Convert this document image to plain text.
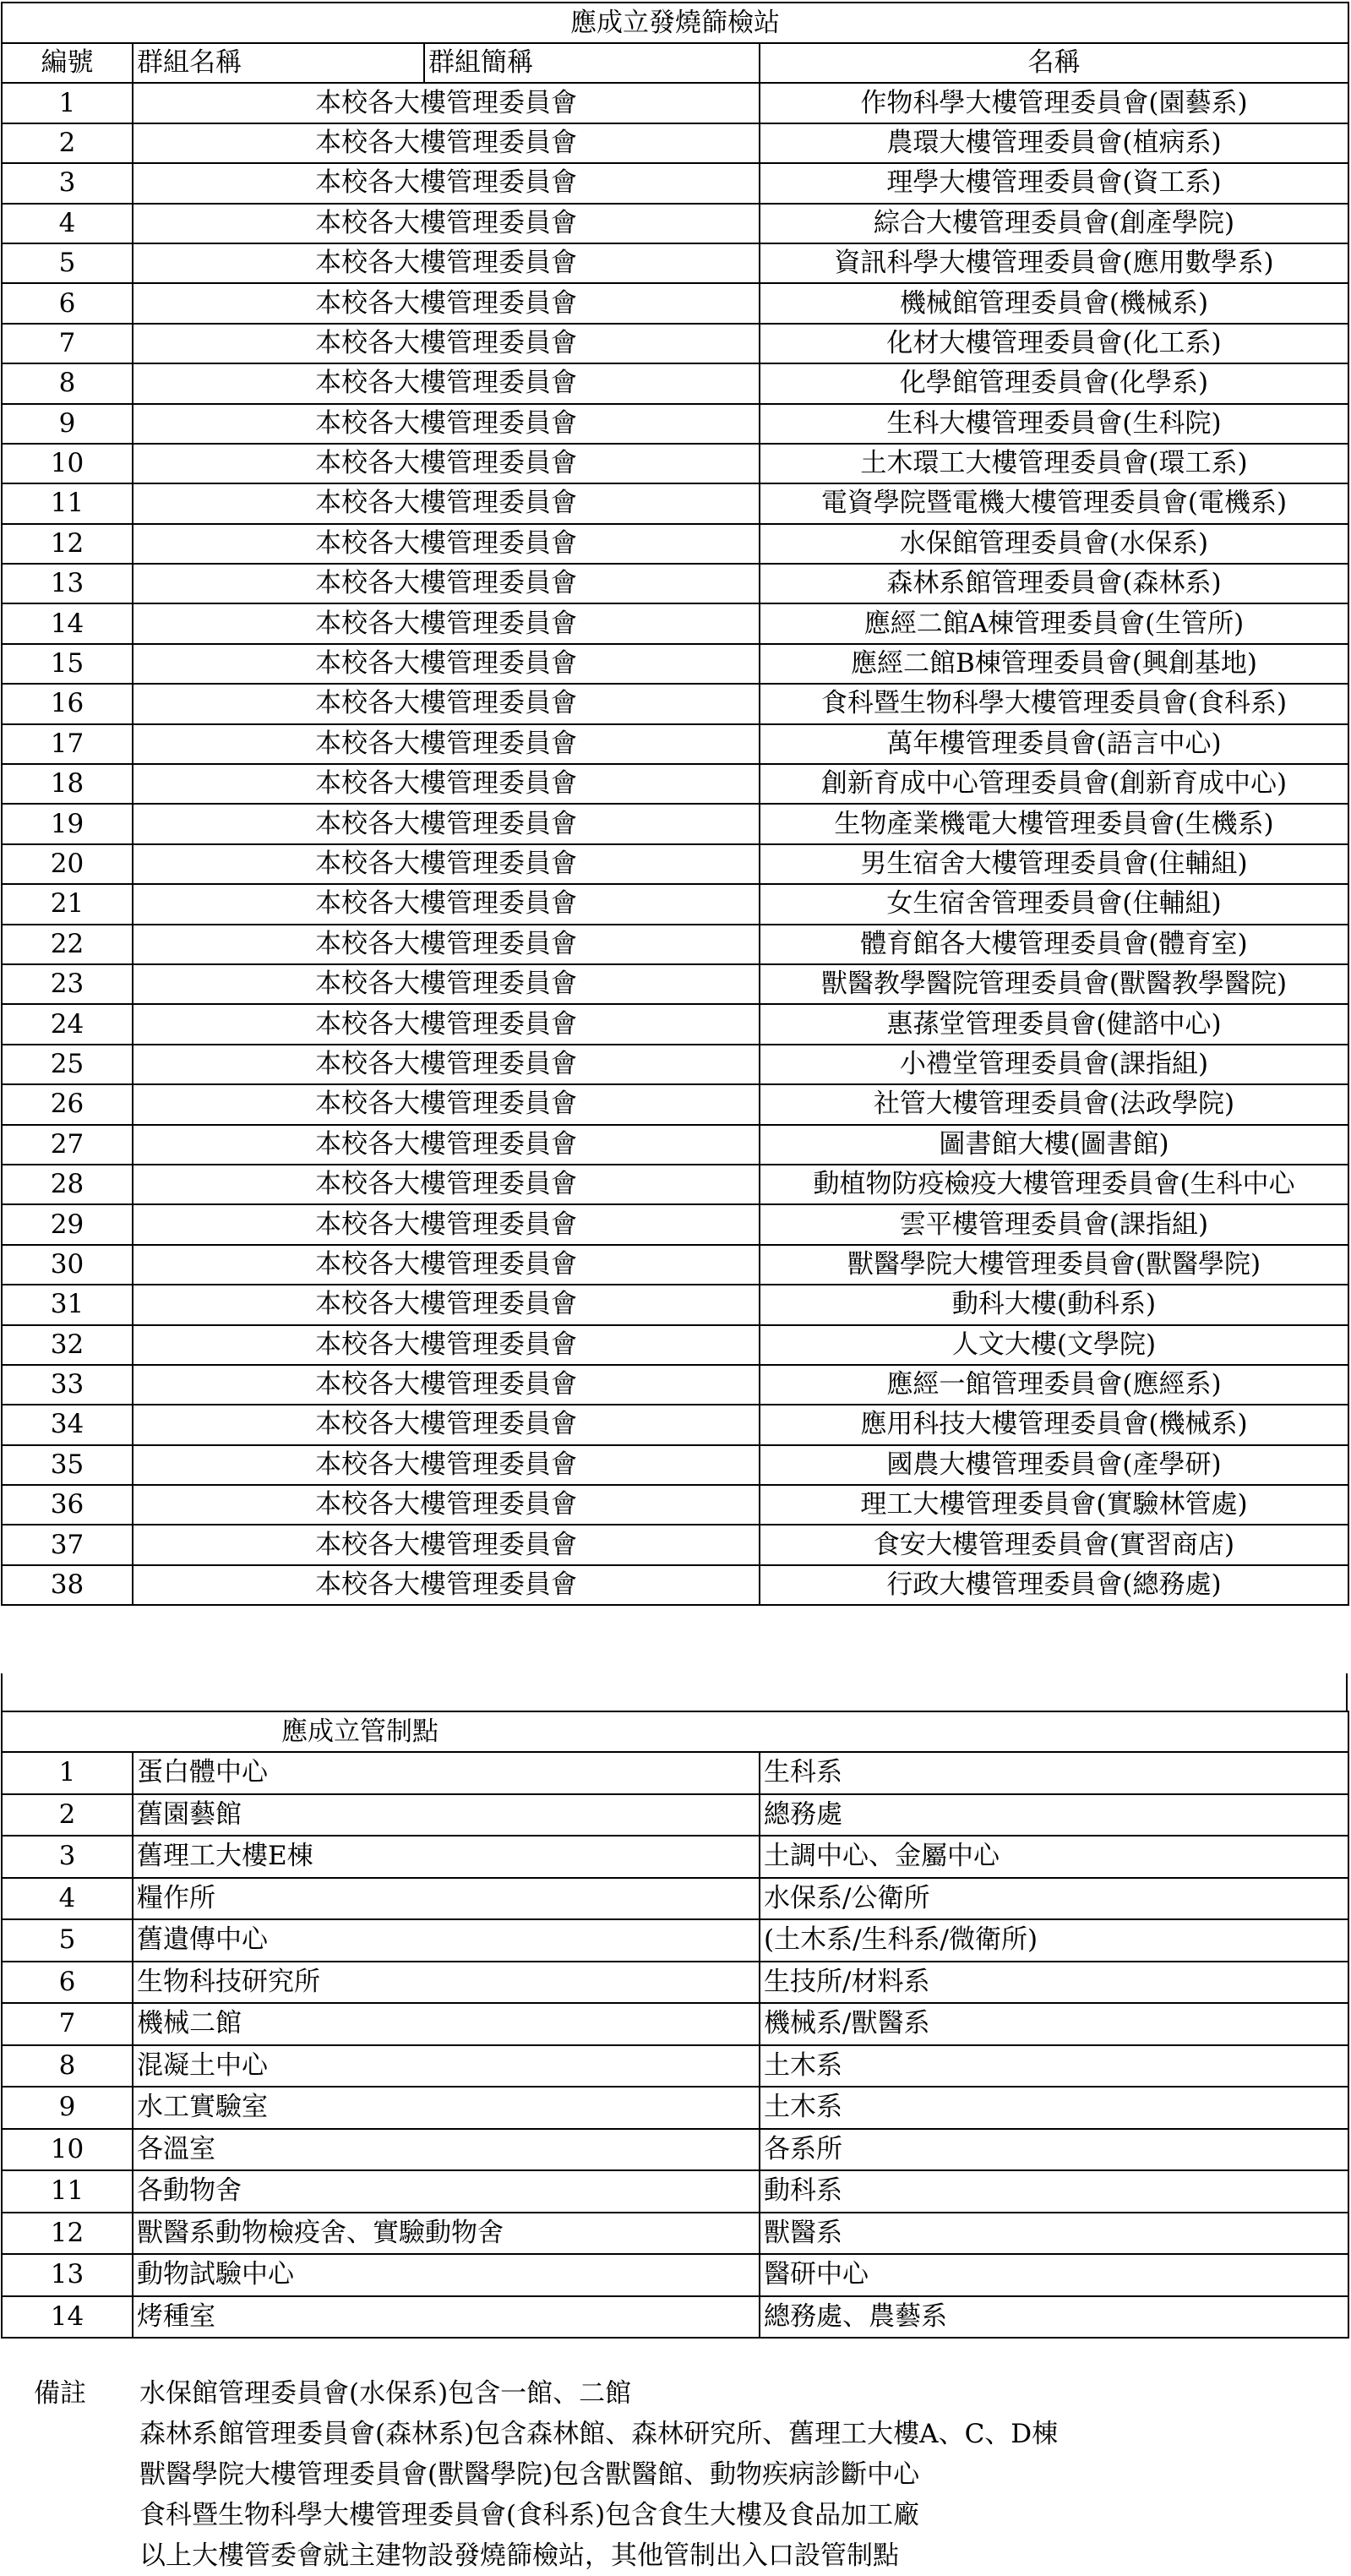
應成立發燒篩檢站			
編號	群組名稱	群組簡稱	名稱
1	本校各大樓管理委員會		作物科學大樓管理委員會(園藝系)
2	本校各大樓管理委員會		農環大樓管理委員會(植病系)
3	本校各大樓管理委員會		理學大樓管理委員會(資工系)
4	本校各大樓管理委員會		綜合大樓管理委員會(創產學院)
5	本校各大樓管理委員會		資訊科學大樓管理委員會(應用數學系)
6	本校各大樓管理委員會		機械館管理委員會(機械系)
7	本校各大樓管理委員會		化材大樓管理委員會(化工系)
8	本校各大樓管理委員會		化學館管理委員會(化學系)
9	本校各大樓管理委員會		生科大樓管理委員會(生科院)
10	本校各大樓管理委員會		土木環工大樓管理委員會(環工系)
11	本校各大樓管理委員會		電資學院暨電機大樓管理委員會(電機系)
12	本校各大樓管理委員會		水保館管理委員會(水保系)
13	本校各大樓管理委員會		森林系館管理委員會(森林系)
14	本校各大樓管理委員會		應經二館A棟管理委員會(生管所)
15	本校各大樓管理委員會		應經二館B棟管理委員會(興創基地)
16	本校各大樓管理委員會		食科暨生物科學大樓管理委員會(食科系)
17	本校各大樓管理委員會		萬年樓管理委員會(語言中心)
18	本校各大樓管理委員會		創新育成中心管理委員會(創新育成中心)
19	本校各大樓管理委員會		生物產業機電大樓管理委員會(生機系)
20	本校各大樓管理委員會		男生宿舍大樓管理委員會(住輔組)
21	本校各大樓管理委員會		女生宿舍管理委員會(住輔組)
22	本校各大樓管理委員會		體育館各大樓管理委員會(體育室)
23	本校各大樓管理委員會		獸醫教學醫院管理委員會(獸醫教學醫院)
24	本校各大樓管理委員會		惠蓀堂管理委員會(健諮中心)
25	本校各大樓管理委員會		小禮堂管理委員會(課指組)
26	本校各大樓管理委員會		社管大樓管理委員會(法政學院)
27	本校各大樓管理委員會		圖書館大樓(圖書館)
28	本校各大樓管理委員會		動植物防疫檢疫大樓管理委員會(生科中心
29	本校各大樓管理委員會		雲平樓管理委員會(課指組)
30	本校各大樓管理委員會		獸醫學院大樓管理委員會(獸醫學院)
31	本校各大樓管理委員會		動科大樓(動科系)
32	本校各大樓管理委員會		人文大樓(文學院)
33	本校各大樓管理委員會		應經一館管理委員會(應經系)
34	本校各大樓管理委員會		應用科技大樓管理委員會(機械系)
35	本校各大樓管理委員會		國農大樓管理委員會(產學研)
36	本校各大樓管理委員會		理工大樓管理委員會(實驗林管處)
37	本校各大樓管理委員會		食安大樓管理委員會(實習商店)
38	本校各大樓管理委員會		行政大樓管理委員會(總務處)
應成立管制點		
1	蛋白體中心	生科系
2	舊園藝館	總務處
3	舊理工大樓E棟	土調中心、金屬中心
4	糧作所	水保系/公衛所
5	舊遺傳中心	(土木系/生科系/微衛所)
6	生物科技研究所	生技所/材料系
7	機械二館	機械系/獸醫系
8	混凝土中心	土木系
9	水工實驗室	土木系
10	各溫室	各系所
11	各動物舍	動科系
12	獸醫系動物檢疫舍、實驗動物舍	獸醫系
13	動物試驗中心	醫研中心
14	烤種室	總務處、農藝系
備註	水保館管理委員會(水保系)包含一館、二館
森林系館管理委員會(森林系)包含森林館、森林研究所、舊理工大樓A、C、D棟
獸醫學院大樓管理委員會(獸醫學院)包含獸醫館、動物疾病診斷中心
食科暨生物科學大樓管理委員會(食科系)包含食生大樓及食品加工廠
以上大樓管委會就主建物設發燒篩檢站，其他管制出入口設管制點
